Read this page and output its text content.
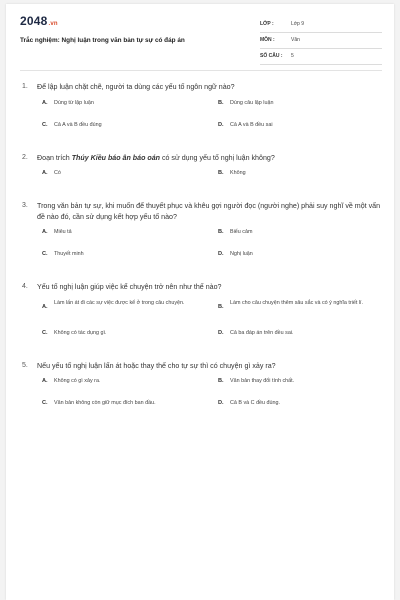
2048.vn
Trắc nghiệm: Nghị luận trong văn bản tự sự có đáp án
LỚP :	Lớp 9
MÔN :	Văn
SỐ CÂU : 5
1. Để lập luận chặt chẽ, người ta dùng các yếu tố ngôn ngữ nào?
A.	Dùng từ lập luận	B.	Dùng câu lập luận
C.	Cả A và B đều đúng	D.	Cả A và B đều sai
2. Đoạn trích Thúy Kiều báo ân báo oán có sử dụng yếu tố nghị luận không?
A.	Có	B.	Không
3. Trong văn bản tự sự, khi muốn để thuyết phục và khêu gợi người đọc (người nghe) phải suy nghĩ về một vấn đề nào đó, cần sử dụng kết hợp yếu tố nào?
A.	Miêu tả	B.	Biểu cảm
C.	Thuyết minh	D.	Nghị luận
4. Yếu tố nghị luận giúp việc kể chuyện trở nên như thế nào?
A.
Làm lấn át đi các sự việc được kể ở trong câu chuyện.
B.
Làm cho câu chuyện thêm sâu sắc và có ý nghĩa triết lí.
C.	Không có tác dụng gì.	D.	Cả ba đáp án trên đều sai.
5. Nếu yếu tố nghị luận lấn át hoặc thay thế cho tự sự thì có chuyện gì xảy ra?
A.	Không có gì xảy ra.	B.	Văn bản thay đổi tính chất.
C.	Văn bản không còn giữ mục đích ban đầu.	D.	Cả B và C đều đúng.
